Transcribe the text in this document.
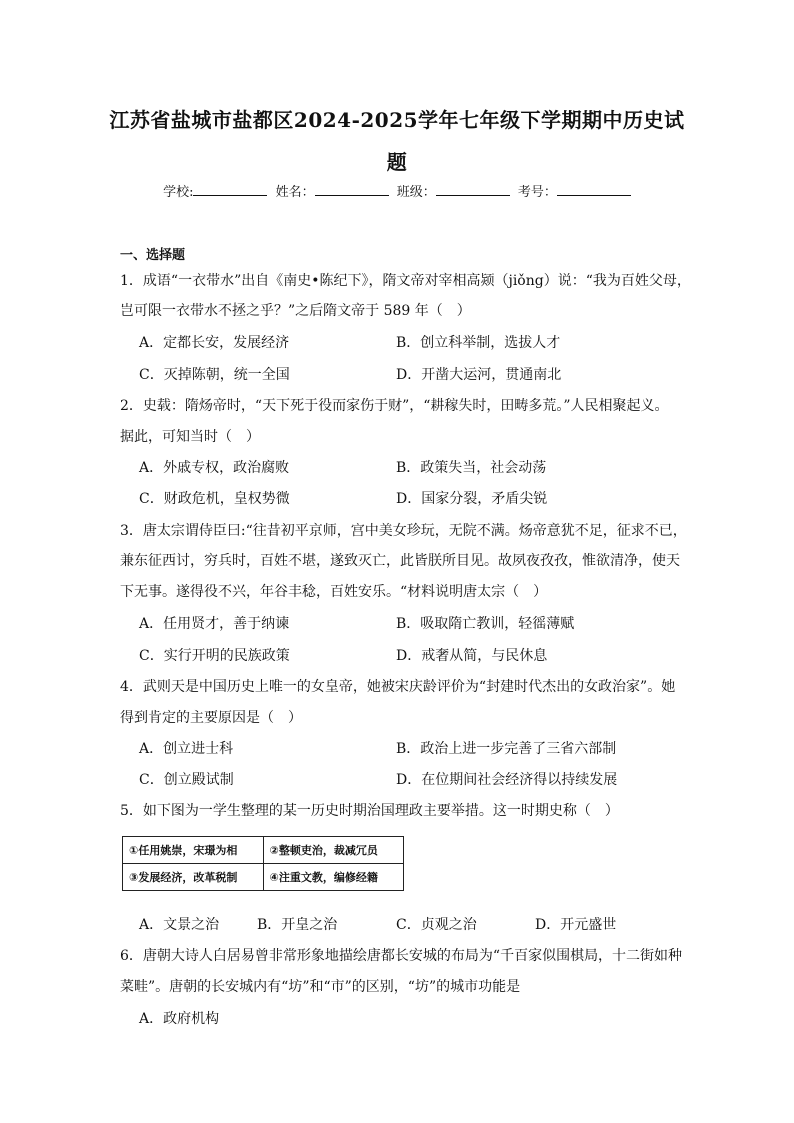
江苏省盐城市盐都区2024-2025学年七年级下学期期中历史试
题
学校:	姓名：	班级：	考号：
一、选择题
1．成语“一衣带水”出自《南史•陈纪下》，隋文帝对宰相高颎（jiǒng）说：“我为百姓父母，
岂可限一衣带水不拯之乎？”之后隋文帝于 589 年（　）
A．定都长安，发展经济	B．创立科举制，选拔人才
C．灭掉陈朝，统一全国	D．开凿大运河，贯通南北
2．史载：隋炀帝时，“天下死于役而家伤于财”，“耕稼失时，田畴多荒。”人民相聚起义。
据此，可知当时（　）
A．外戚专权，政治腐败	B．政策失当，社会动荡
C．财政危机，皇权势微	D．国家分裂，矛盾尖锐
3．唐太宗谓侍臣曰:“往昔初平京师，宫中美女珍玩，无院不满。炀帝意犹不足，征求不已，
兼东征西讨，穷兵时，百姓不堪，遂致灭亡，此皆朕所目见。故夙夜孜孜，惟欲清净，使天
下无事。遂得役不兴，年谷丰稔，百姓安乐。“材料说明唐太宗（　）
A．任用贤才，善于纳谏	B．吸取隋亡教训，轻徭薄赋
C．实行开明的民族政策	D．戒奢从简，与民休息
4．武则天是中国历史上唯一的女皇帝，她被宋庆龄评价为“封建时代杰出的女政治家”。她
得到肯定的主要原因是（　）
A．创立进士科	B．政治上进一步完善了三省六部制
C．创立殿试制	D．在位期间社会经济得以持续发展
5．如下图为一学生整理的某一历史时期治国理政主要举措。这一时期史称（　）
①任用姚崇，宋璟为相	②整顿吏治，裁减冗员
③发展经济，改革税制	④注重文教，编修经籍
A．文景之治	B．开皇之治	C．贞观之治	D．开元盛世
6．唐朝大诗人白居易曾非常形象地描绘唐都长安城的布局为“千百家似围棋局，十二街如种
菜畦”。唐朝的长安城内有“坊”和“市”的区别，“坊”的城市功能是
A．政府机构
